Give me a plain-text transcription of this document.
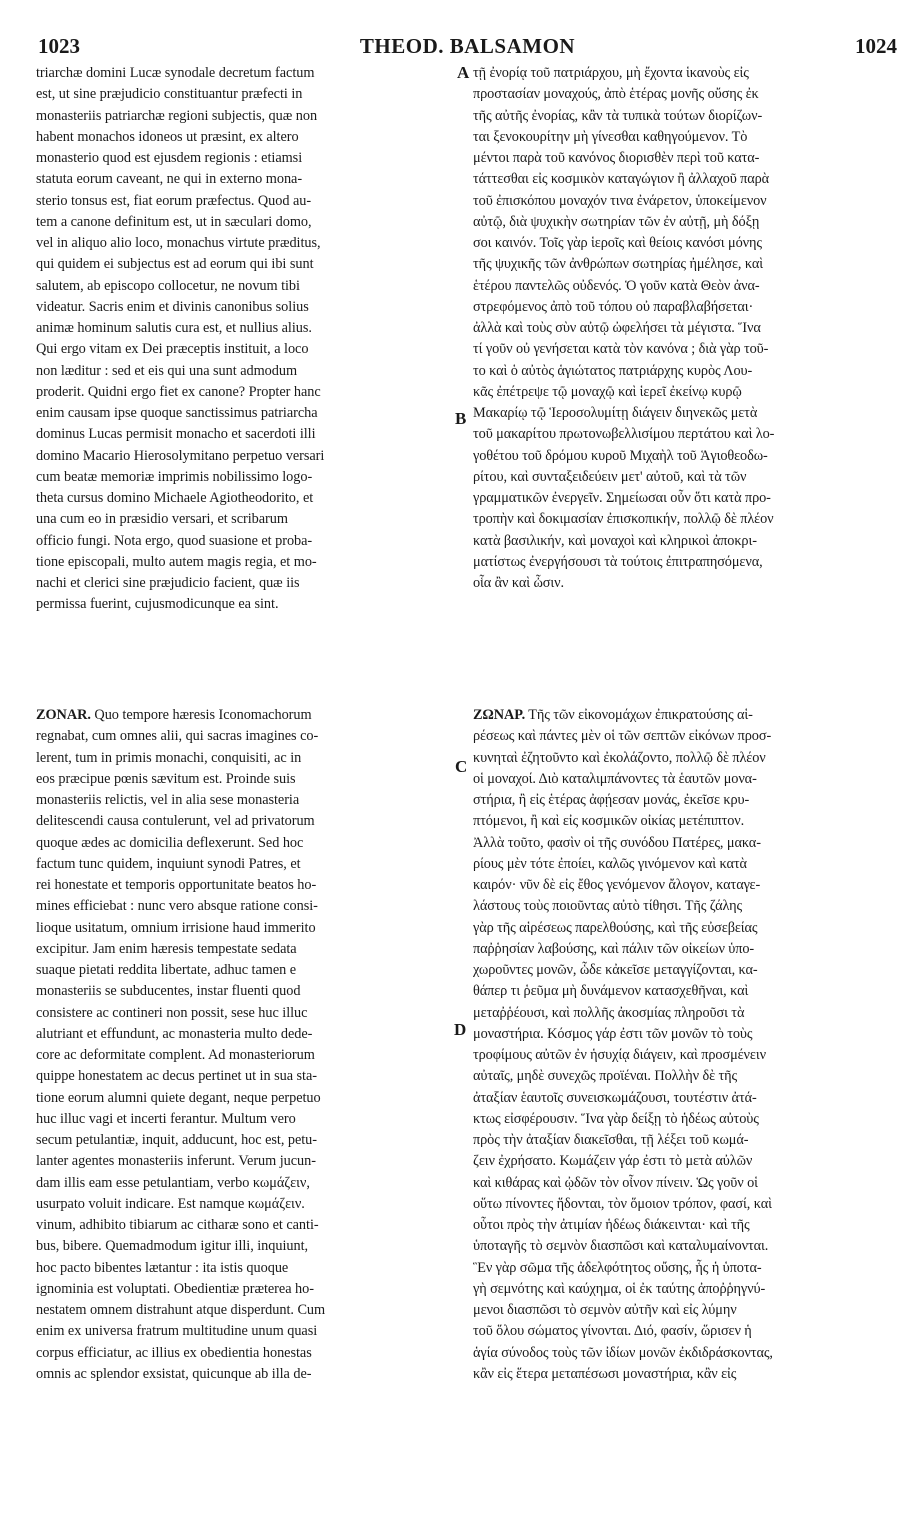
1023	THEOD. BALSAMON	1024
A
B
C
D

triarchæ domini Lucæ synodale decretum factum

est, ut sine præjudicio constituantur præfecti in

monasteriis patriarchæ regioni subjectis, quæ non

habent monachos idoneos ut præsint, ex altero

monasterio quod est ejusdem regionis : etiamsi

statuta eorum caveant, ne qui in externo mona-

sterio tonsus est, fiat eorum præfectus. Quod au-

tem a canone definitum est, ut in sæculari domo,

vel in aliquo alio loco, monachus virtute præditus,

qui quidem ei subjectus est ad eorum qui ibi sunt

salutem, ab episcopo collocetur, ne novum tibi

videatur. Sacris enim et divinis canonibus solius

animæ hominum salutis cura est, et nullius alius.

Qui ergo vitam ex Dei præceptis instituit, a loco

non læditur : sed et eis qui una sunt admodum

proderit. Quidni ergo fiet ex canone? Propter hanc

enim causam ipse quoque sanctissimus patriarcha

dominus Lucas permisit monacho et sacerdoti illi

domino Macario Hierosolymitano perpetuo versari

cum beatæ memoriæ imprimis nobilissimo logo-

theta cursus domino Michaele Agiotheodorito, et

una cum eo in præsidio versari, et scribarum

officio fungi. Nota ergo, quod suasione et proba-

tione episcopali, multo autem magis regia, et mo-

nachi et clerici sine præjudicio facient, quæ iis

permissa fuerint, cujusmodicunque ea sint.

τῇ ἐνορίᾳ τοῦ πατριάρχου, μὴ ἔχοντα ἱκανοὺς εἰς

προστασίαν μοναχούς, ἀπὸ ἑτέρας μονῆς οὔσης ἐκ

τῆς αὐτῆς ἐνορίας, κἂν τὰ τυπικὰ τούτων διορίζων-

ται ξενοκουρίτην μὴ γίνεσθαι καθηγούμενον. Τὸ

μέντοι παρὰ τοῦ κανόνος διορισθὲν περὶ τοῦ κατα-

τάττεσθαι εἰς κοσμικὸν καταγώγιον ἢ ἀλλαχοῦ παρὰ

τοῦ ἐπισκόπου μοναχόν τινα ἐνάρετον, ὑποκείμενον

αὐτῷ, διὰ ψυχικὴν σωτηρίαν τῶν ἐν αὐτῇ, μὴ δόξῃ

σοι καινόν. Τοῖς γὰρ ἱεροῖς καὶ θείοις κανόσι μόνης

τῆς ψυχικῆς τῶν ἀνθρώπων σωτηρίας ἠμέλησε, καὶ

ἑτέρου παντελῶς οὐδενός. Ὁ γοῦν κατὰ Θεὸν ἀνα-

στρεφόμενος ἀπὸ τοῦ τόπου οὐ παραβλαβήσεται·

ἀλλὰ καὶ τοὺς σὺν αὐτῷ ὠφελήσει τὰ μέγιστα. Ἵνα

τί γοῦν οὐ γενήσεται κατὰ τὸν κανόνα ; διὰ γὰρ τοῦ-

το καὶ ὁ αὐτὸς ἁγιώτατος πατριάρχης κυρὸς Λου-

κᾶς ἐπέτρεψε τῷ μοναχῷ καὶ ἱερεῖ ἐκείνῳ κυρῷ

Μακαρίῳ τῷ Ἱεροσολυμίτῃ διάγειν διηνεκῶς μετὰ

τοῦ μακαρίτου πρωτονωβελλισίμου περτάτου καὶ λο-

γοθέτου τοῦ δρόμου κυροῦ Μιχαὴλ τοῦ Ἁγιοθεοδω-

ρίτου, καὶ συνταξειδεύειν μετ' αὐτοῦ, καὶ τὰ τῶν

γραμματικῶν ἐνεργεῖν. Σημείωσαι οὖν ὅτι κατὰ προ-

τροπὴν καὶ δοκιμασίαν ἐπισκοπικήν, πολλῷ δὲ πλέον

κατὰ βασιλικήν, καὶ μοναχοὶ καὶ κληρικοὶ ἀποκρι-

ματίστως ἐνεργήσουσι τὰ τούτοις ἐπιτραπησόμενα,

οἷα ἂν καὶ ὦσιν.

ZONAR. Quo tempore hæresis Iconomachorum

regnabat, cum omnes alii, qui sacras imagines co-

lerent, tum in primis monachi, conquisiti, ac in

eos præcipue pœnis sævitum est. Proinde suis

monasteriis relictis, vel in alia sese monasteria

delitescendi causa contulerunt, vel ad privatorum

quoque ædes ac domicilia deflexerunt. Sed hoc

factum tunc quidem, inquiunt synodi Patres, et

rei honestate et temporis opportunitate beatos ho-

mines efficiebat : nunc vero absque ratione consi-

lioque usitatum, omnium irrisione haud immerito

excipitur. Jam enim hæresis tempestate sedata

suaque pietati reddita libertate, adhuc tamen e

monasteriis se subducentes, instar fluenti quod

consistere ac contineri non possit, sese huc illuc

alutriant et effundunt, ac monasteria multo dede-

core ac deformitate complent. Ad monasteriorum

quippe honestatem ac decus pertinet ut in sua sta-

tione eorum alumni quiete degant, neque perpetuo

huc illuc vagi et incerti ferantur. Multum vero

secum petulantiæ, inquit, adducunt, hoc est, petu-

lanter agentes monasteriis inferunt. Verum jucun-

dam illis eam esse petulantiam, verbo κωμάζειν,

usurpato voluit indicare. Est namque κωμάζειν.

vinum, adhibito tibiarum ac citharæ sono et canti-

bus, bibere. Quemadmodum igitur illi, inquiunt,

hoc pacto bibentes lætantur : ita istis quoque

ignominia est voluptati. Obedientiæ præterea ho-

nestatem omnem distrahunt atque disperdunt. Cum

enim ex universa fratrum multitudine unum quasi

corpus efficiatur, ac illius ex obedientia honestas

omnis ac splendor exsistat, quicunque ab illa de-

ΖΩΝΑΡ. Τῆς τῶν εἰκονομάχων ἐπικρατούσης αἱ-

ρέσεως καὶ πάντες μὲν οἱ τῶν σεπτῶν εἰκόνων προσ-

κυνηταὶ ἐζητοῦντο καὶ ἐκολάζοντο, πολλῷ δὲ πλέον

οἱ μοναχοί. Διὸ καταλιμπάνοντες τὰ ἑαυτῶν μονα-

στήρια, ἢ εἰς ἑτέρας ἀφῄεσαν μονάς, ἐκεῖσε κρυ-

πτόμενοι, ἢ καὶ εἰς κοσμικῶν οἰκίας μετέπιπτον.

Ἀλλὰ τοῦτο, φασὶν οἱ τῆς συνόδου Πατέρες, μακα-

ρίους μὲν τότε ἐποίει, καλῶς γινόμενον καὶ κατὰ

καιρόν· νῦν δὲ εἰς ἔθος γενόμενον ἄλογον, καταγε-

λάστους τοὺς ποιοῦντας αὐτὸ τίθησι. Τῆς ζάλης

γὰρ τῆς αἱρέσεως παρελθούσης, καὶ τῆς εὐσεβείας

παῤῥησίαν λαβούσης, καὶ πάλιν τῶν οἰκείων ὑπο-

χωροῦντες μονῶν, ὧδε κἀκεῖσε μεταγγίζονται, κα-

θάπερ τι ῥεῦμα μὴ δυνάμενον κατασχεθῆναι, καὶ

μεταῤῥέουσι, καὶ πολλῆς ἀκοσμίας πληροῦσι τὰ

μοναστήρια. Κόσμος γάρ ἐστι τῶν μονῶν τὸ τοὺς

τροφίμους αὐτῶν ἐν ἡσυχίᾳ διάγειν, καὶ προσμένειν

αὐταῖς, μηδὲ συνεχῶς προϊέναι. Πολλὴν δὲ τῆς

ἀταξίαν ἑαυτοῖς συνεισκωμάζουσι, τουτέστιν ἀτά-

κτως εἰσφέρουσιν. Ἵνα γὰρ δείξῃ τὸ ἡδέως αὐτοὺς

πρὸς τὴν ἀταξίαν διακεῖσθαι, τῇ λέξει τοῦ κωμά-

ζειν ἐχρήσατο. Κωμάζειν γάρ ἐστι τὸ μετὰ αὐλῶν

καὶ κιθάρας καὶ ᾠδῶν τὸν οἶνον πίνειν. Ὡς γοῦν οἱ

οὕτω πίνοντες ἥδονται, τὸν ὅμοιον τρόπον, φασί, καὶ

οὗτοι πρὸς τὴν ἀτιμίαν ἡδέως διάκεινται· καὶ τῆς

ὑποταγῆς τὸ σεμνὸν διασπῶσι καὶ καταλυμαίνονται.

Ἓν γὰρ σῶμα τῆς ἀδελφότητος οὔσης, ἧς ἡ ὑποτα-

γὴ σεμνότης καὶ καύχημα, οἱ ἐκ ταύτης ἀποῤῥηγνύ-

μενοι διασπῶσι τὸ σεμνὸν αὐτῆν καὶ εἰς λύμην

τοῦ ὅλου σώματος γίνονται. Διό, φασίν, ὥρισεν ἡ

ἁγία σύνοδος τοὺς τῶν ἰδίων μονῶν ἐκδιδράσκοντας,

κἂν εἰς ἕτερα μεταπέσωσι μοναστήρια, κἂν εἰς
